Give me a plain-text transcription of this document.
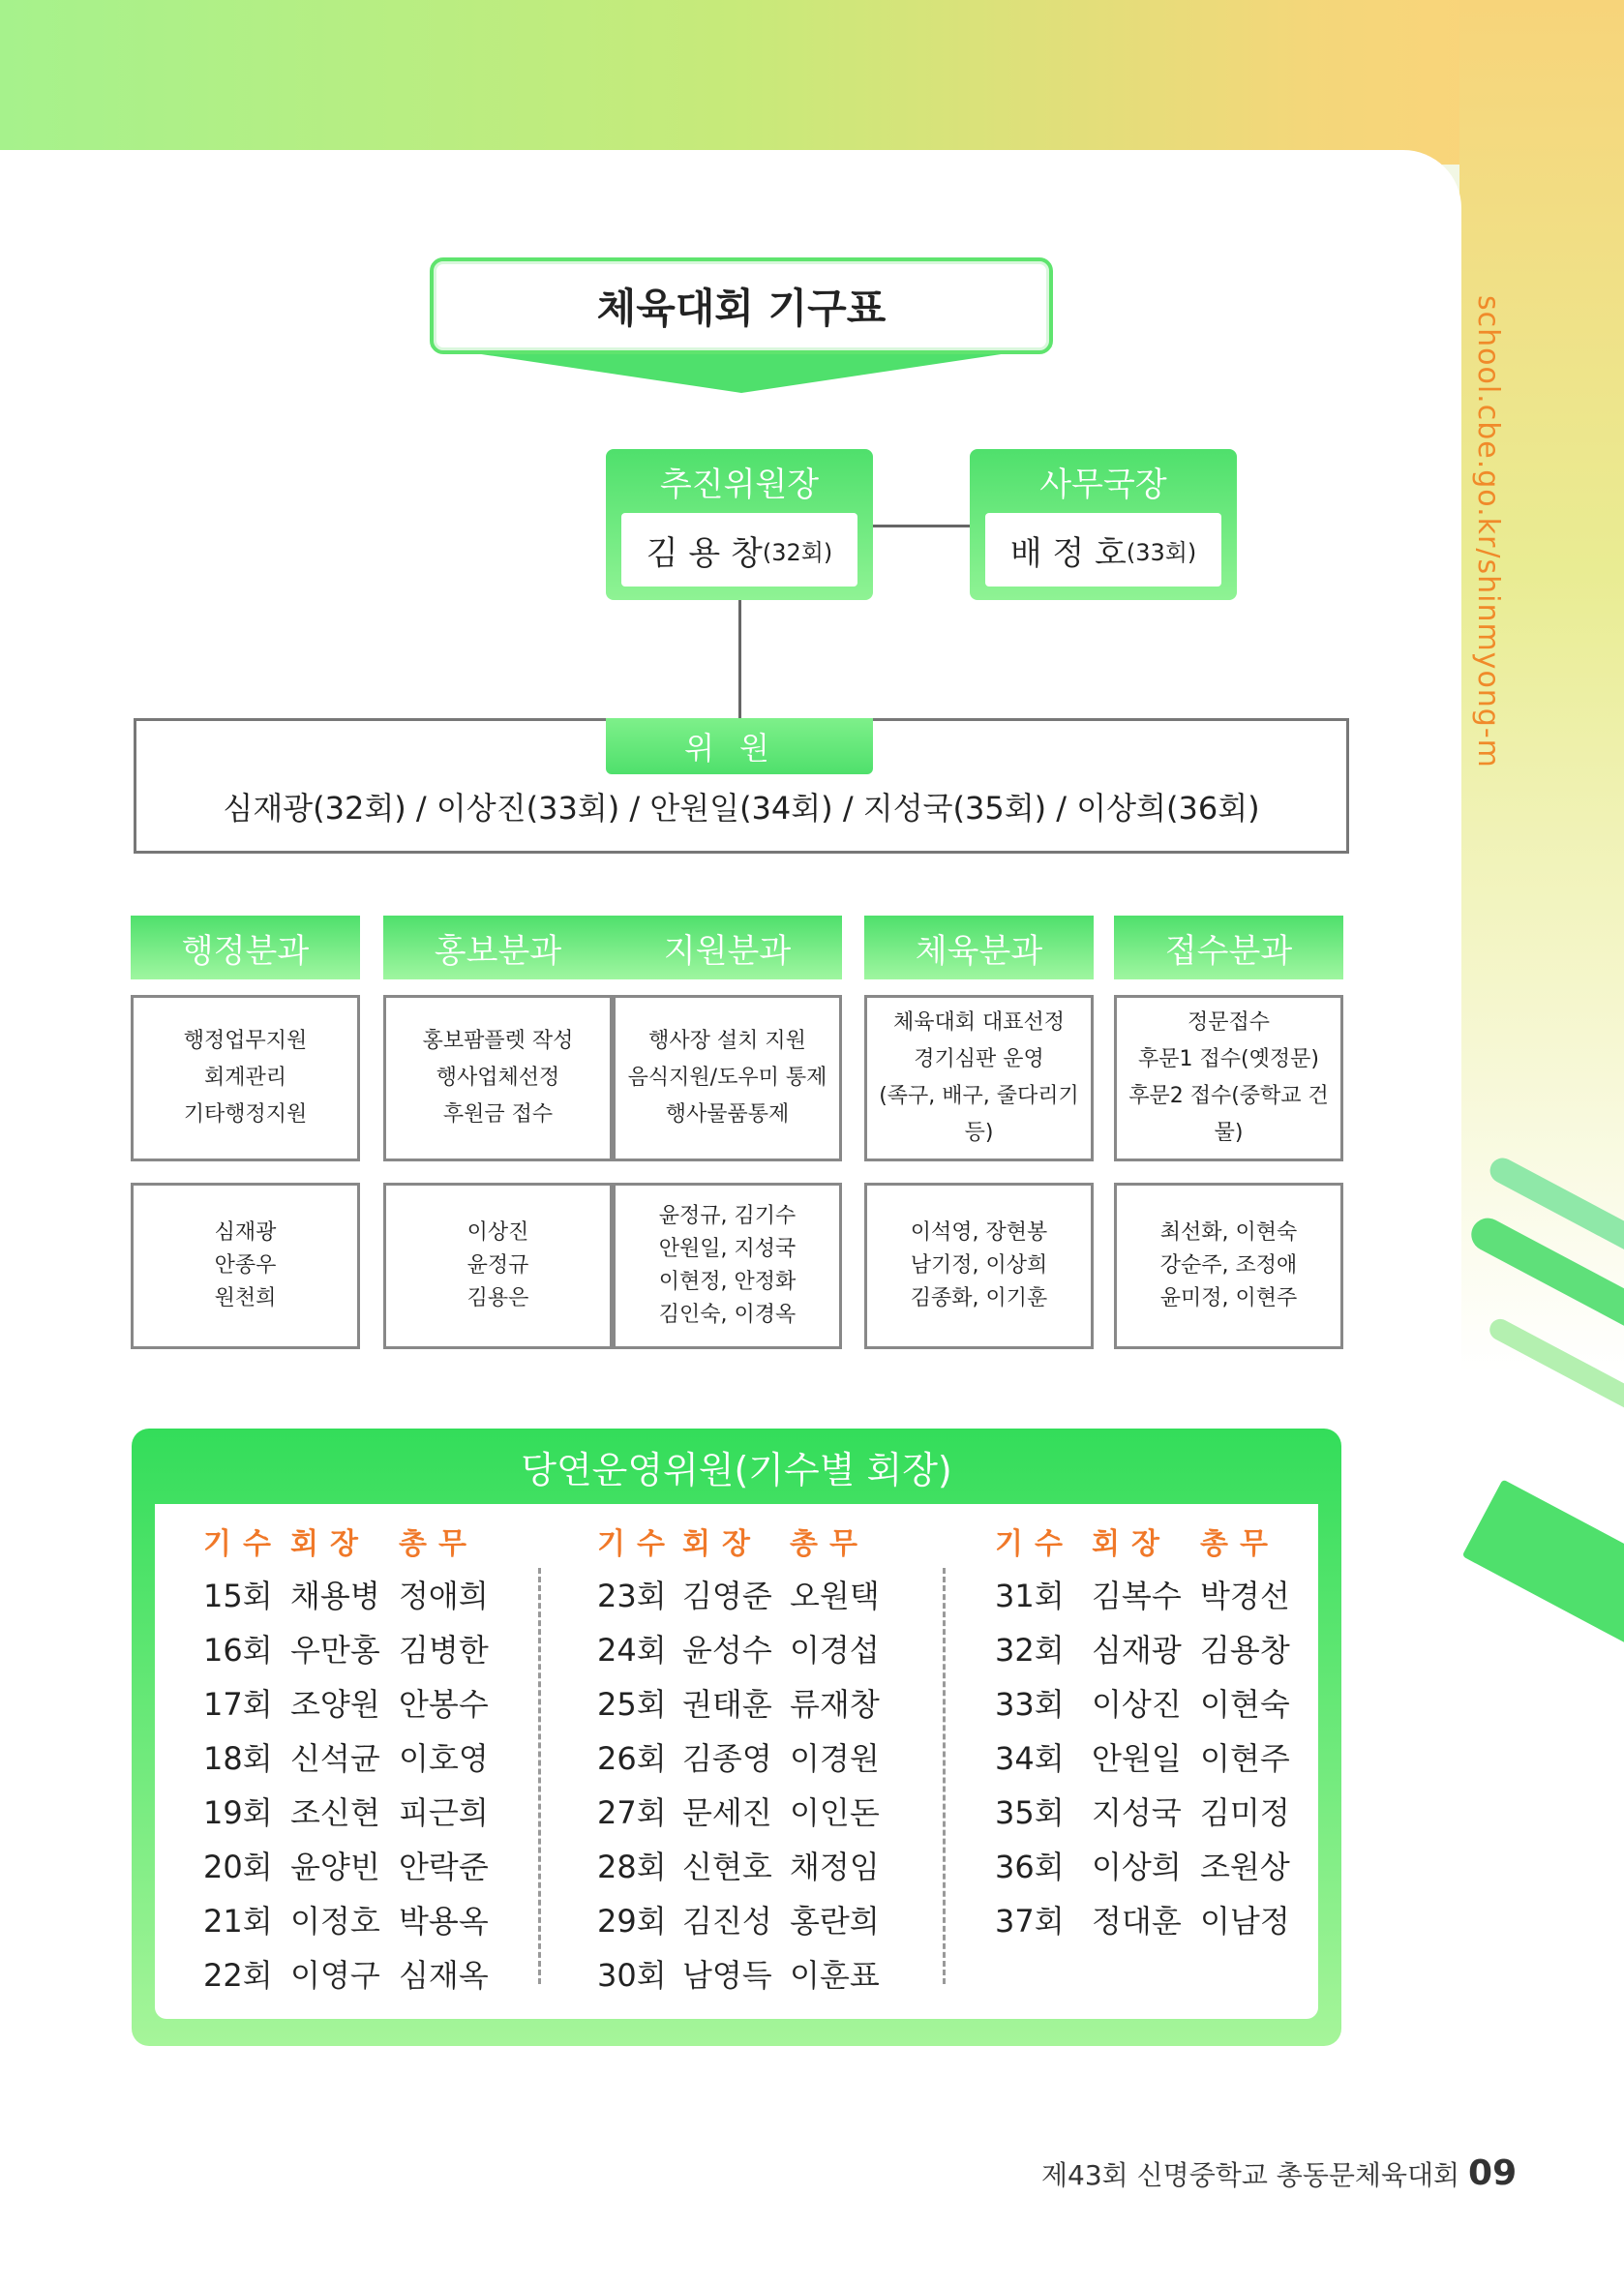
school.cbe.go.kr/shinmyong-m
체육대회 기구표
추진위원장
김 용 창 (32회)
사무국장
배 정 호 (33회)
위원
심재광(32회) / 이상진(33회) / 안원일(34회) / 지성국(35회) / 이상희(36회)
행정분과
행정업무지원
회계관리
기타행정지원
심재광
안종우
원천희
홍보분과
홍보팜플렛 작성
행사업체선정
후원금 접수
이상진
윤정규
김용은
지원분과
행사장 설치 지원
음식지원/도우미 통제
행사물품통제
윤정규, 김기수
안원일, 지성국
이현정, 안정화
김인숙, 이경옥
체육분과
체육대회 대표선정
경기심판 운영
(족구, 배구, 줄다리기 등)
이석영, 장현봉
남기정, 이상희
김종화, 이기훈
접수분과
정문접수
후문1 접수(옛정문)
후문2 접수(중학교 건물)
최선화, 이현숙
강순주, 조정애
윤미정, 이현주
당연운영위원(기수별 회장)
기수 회장 총무
15회 채용병 정애희
16회 우만홍 김병한
17회 조양원 안봉수
18회 신석균 이호영
19회 조신현 피근희
20회 윤양빈 안락준
21회 이정호 박용옥
22회 이영구 심재옥
기수 회장 총무
23회 김영준 오원택
24회 윤성수 이경섭
25회 권태훈 류재창
26회 김종영 이경원
27회 문세진 이인돈
28회 신현호 채정임
29회 김진성 홍란희
30회 남영득 이훈표
기수 회장 총무
31회 김복수 박경선
32회 심재광 김용창
33회 이상진 이현숙
34회 안원일 이현주
35회 지성국 김미정
36회 이상희 조원상
37회 정대훈 이남정
제43회 신명중학교 총동문체육대회 09
